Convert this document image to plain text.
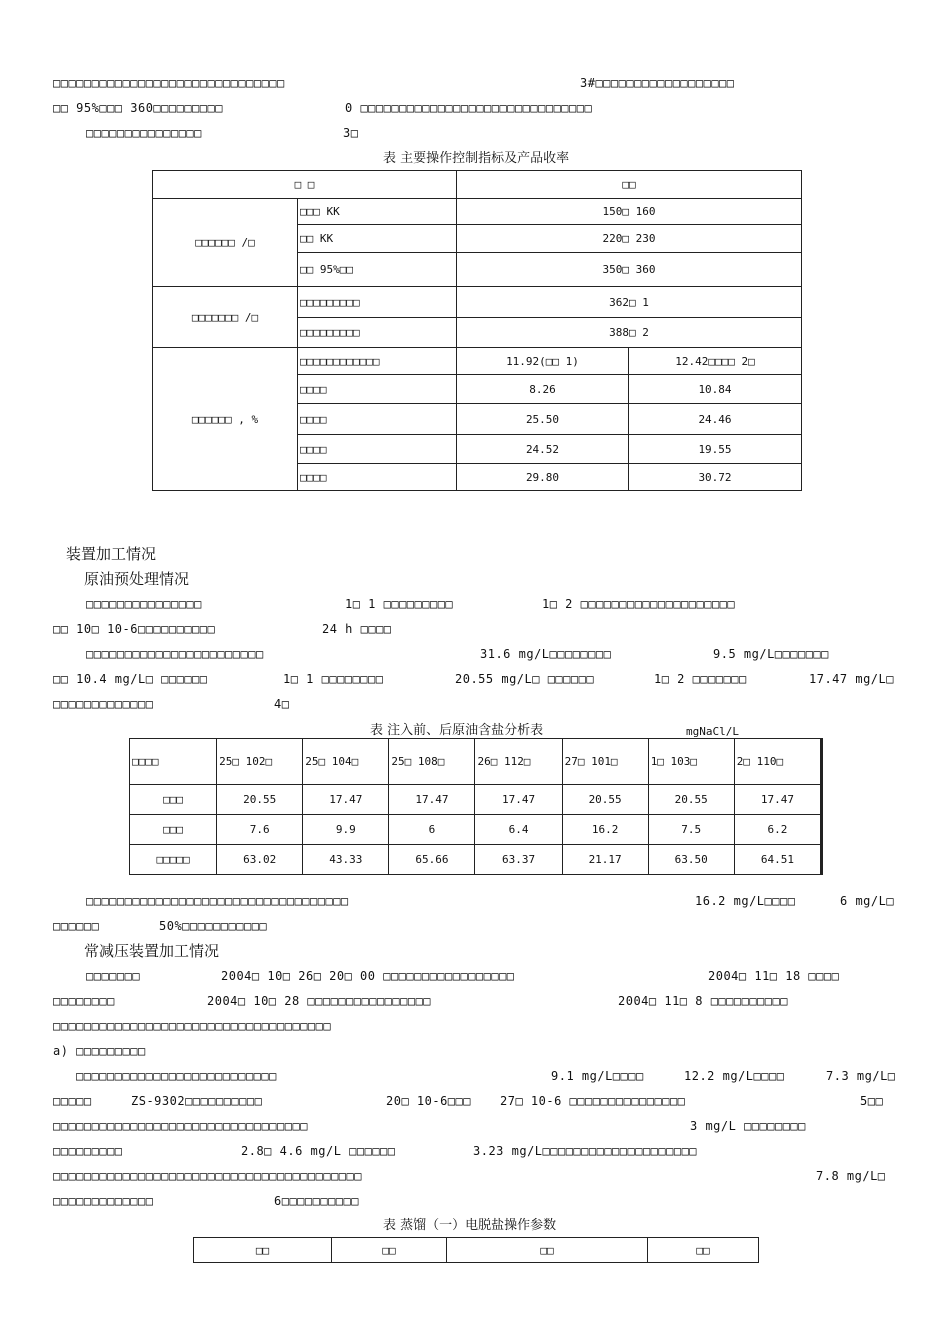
□□□□□□□□□□□□□□□□□□□□□□□□□□□□□□	3#□□□□□□□□□□□□□□□□□□
□□ 95%□□□ 360□□□□□□□□□	0 □□□□□□□□□□□□□□□□□□□□□□□□□□□□□□
□□□□□□□□□□□□□□□	3□
表 主要操作控制指标及产品收率
□ □		□□	
□□□□□□ /□	□□□ KK	150□ 160	
	□□ KK	220□ 230	
	□□ 95%□□	350□ 360	
□□□□□□□ /□	□□□□□□□□□	362□ 1	
	□□□□□□□□□	388□ 2	
□□□□□□ , %	□□□□□□□□□□□□	11.92(□□ 1)	12.42□□□□ 2□
	□□□□	8.26	10.84
	□□□□	25.50	24.46
	□□□□	24.52	19.55
	□□□□	29.80	30.72
装置加工情况
原油预处理情况
□□□□□□□□□□□□□□□	1□ 1 □□□□□□□□□	1□ 2 □□□□□□□□□□□□□□□□□□□□
□□ 10□ 10-6□□□□□□□□□□	24 h □□□□
□□□□□□□□□□□□□□□□□□□□□□□	31.6 mg/L□□□□□□□□	9.5 mg/L□□□□□□□
□□ 10.4 mg/L□ □□□□□□	1□ 1 □□□□□□□□	20.55 mg/L□ □□□□□□	1□ 2 □□□□□□□	17.47 mg/L□
□□□□□□□□□□□□□	4□
表 注入前、后原油含盐分析表	mgNaCl/L
□□□□	25□ 102□	25□ 104□	25□ 108□	26□ 112□	27□ 101□	1□ 103□	2□ 110□
□□□	20.55	17.47	17.47	17.47	20.55	20.55	17.47
□□□	7.6	9.9	6	6.4	16.2	7.5	6.2
□□□□□	63.02	43.33	65.66	63.37	21.17	63.50	64.51
□□□□□□□□□□□□□□□□□□□□□□□□□□□□□□□□□□	16.2 mg/L□□□□	6 mg/L□
□□□□□□	50%□□□□□□□□□□□
常减压装置加工情况
□□□□□□□	2004□ 10□ 26□ 20□ 00 □□□□□□□□□□□□□□□□□	2004□ 11□ 18 □□□□
□□□□□□□□	2004□ 10□ 28 □□□□□□□□□□□□□□□□	2004□ 11□ 8 □□□□□□□□□□
□□□□□□□□□□□□□□□□□□□□□□□□□□□□□□□□□□□□
a) □□□□□□□□□
□□□□□□□□□□□□□□□□□□□□□□□□□□	9.1 mg/L□□□□	12.2 mg/L□□□□	7.3 mg/L□
□□□□□	ZS-9302□□□□□□□□□□	20□ 10-6□□□ 27□ 10-6 □□□□□□□□□□□□□□□	5□□
□□□□□□□□□□□□□□□□□□□□□□□□□□□□□□□□□	3 mg/L □□□□□□□□
□□□□□□□□□	2.8□ 4.6 mg/L □□□□□□	3.23 mg/L□□□□□□□□□□□□□□□□□□□□
□□□□□□□□□□□□□□□□□□□□□□□□□□□□□□□□□□□□□□□□	7.8 mg/L□
□□□□□□□□□□□□□	6□□□□□□□□□□
表 蒸馏（一）电脱盐操作参数
□□	□□	□□	□□
